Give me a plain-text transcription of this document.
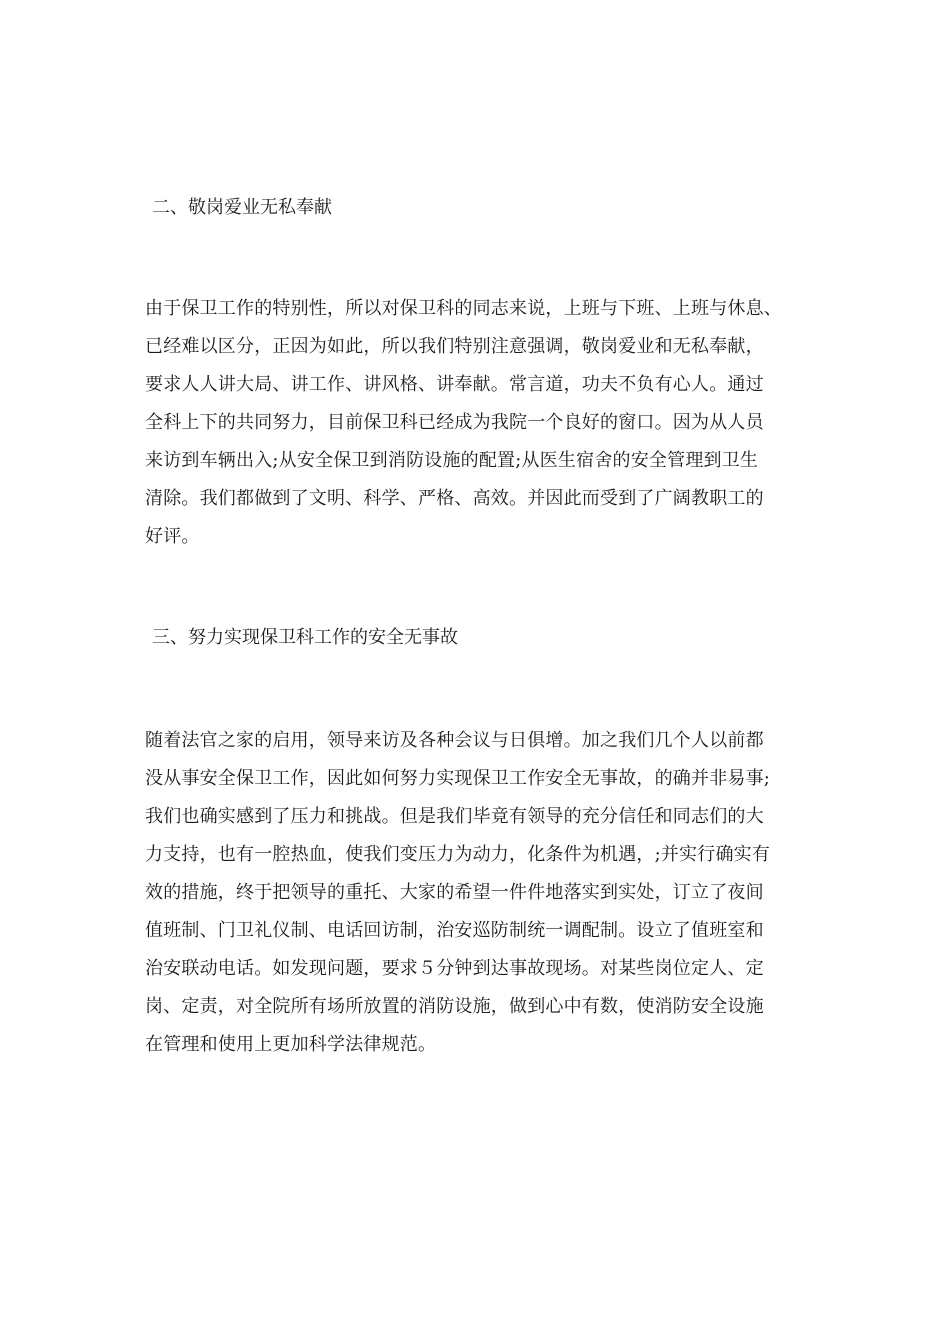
二、敬岗爱业无私奉献
由于保卫工作的特别性，所以对保卫科的同志来说，上班与下班、上班与休息、
已经难以区分，正因为如此，所以我们特别注意强调，敬岗爱业和无私奉献，
要求人人讲大局、讲工作、讲风格、讲奉献。常言道，功夫不负有心人。通过
全科上下的共同努力，目前保卫科已经成为我院一个良好的窗口。因为从人员
来访到车辆出入;从安全保卫到消防设施的配置;从医生宿舍的安全管理到卫生
清除。我们都做到了文明、科学、严格、高效。并因此而受到了广阔教职工的
好评。
三、努力实现保卫科工作的安全无事故
随着法官之家的启用，领导来访及各种会议与日俱增。加之我们几个人以前都
没从事安全保卫工作，因此如何努力实现保卫工作安全无事故，的确并非易事;
我们也确实感到了压力和挑战。但是我们毕竟有领导的充分信任和同志们的大
力支持，也有一腔热血，使我们变压力为动力，化条件为机遇，;并实行确实有
效的措施，终于把领导的重托、大家的希望一件件地落实到实处，订立了夜间
值班制、门卫礼仪制、电话回访制，治安巡防制统一调配制。设立了值班室和
治安联动电话。如发现问题，要求５分钟到达事故现场。对某些岗位定人、定
岗、定责，对全院所有场所放置的消防设施，做到心中有数，使消防安全设施
在管理和使用上更加科学法律规范。
